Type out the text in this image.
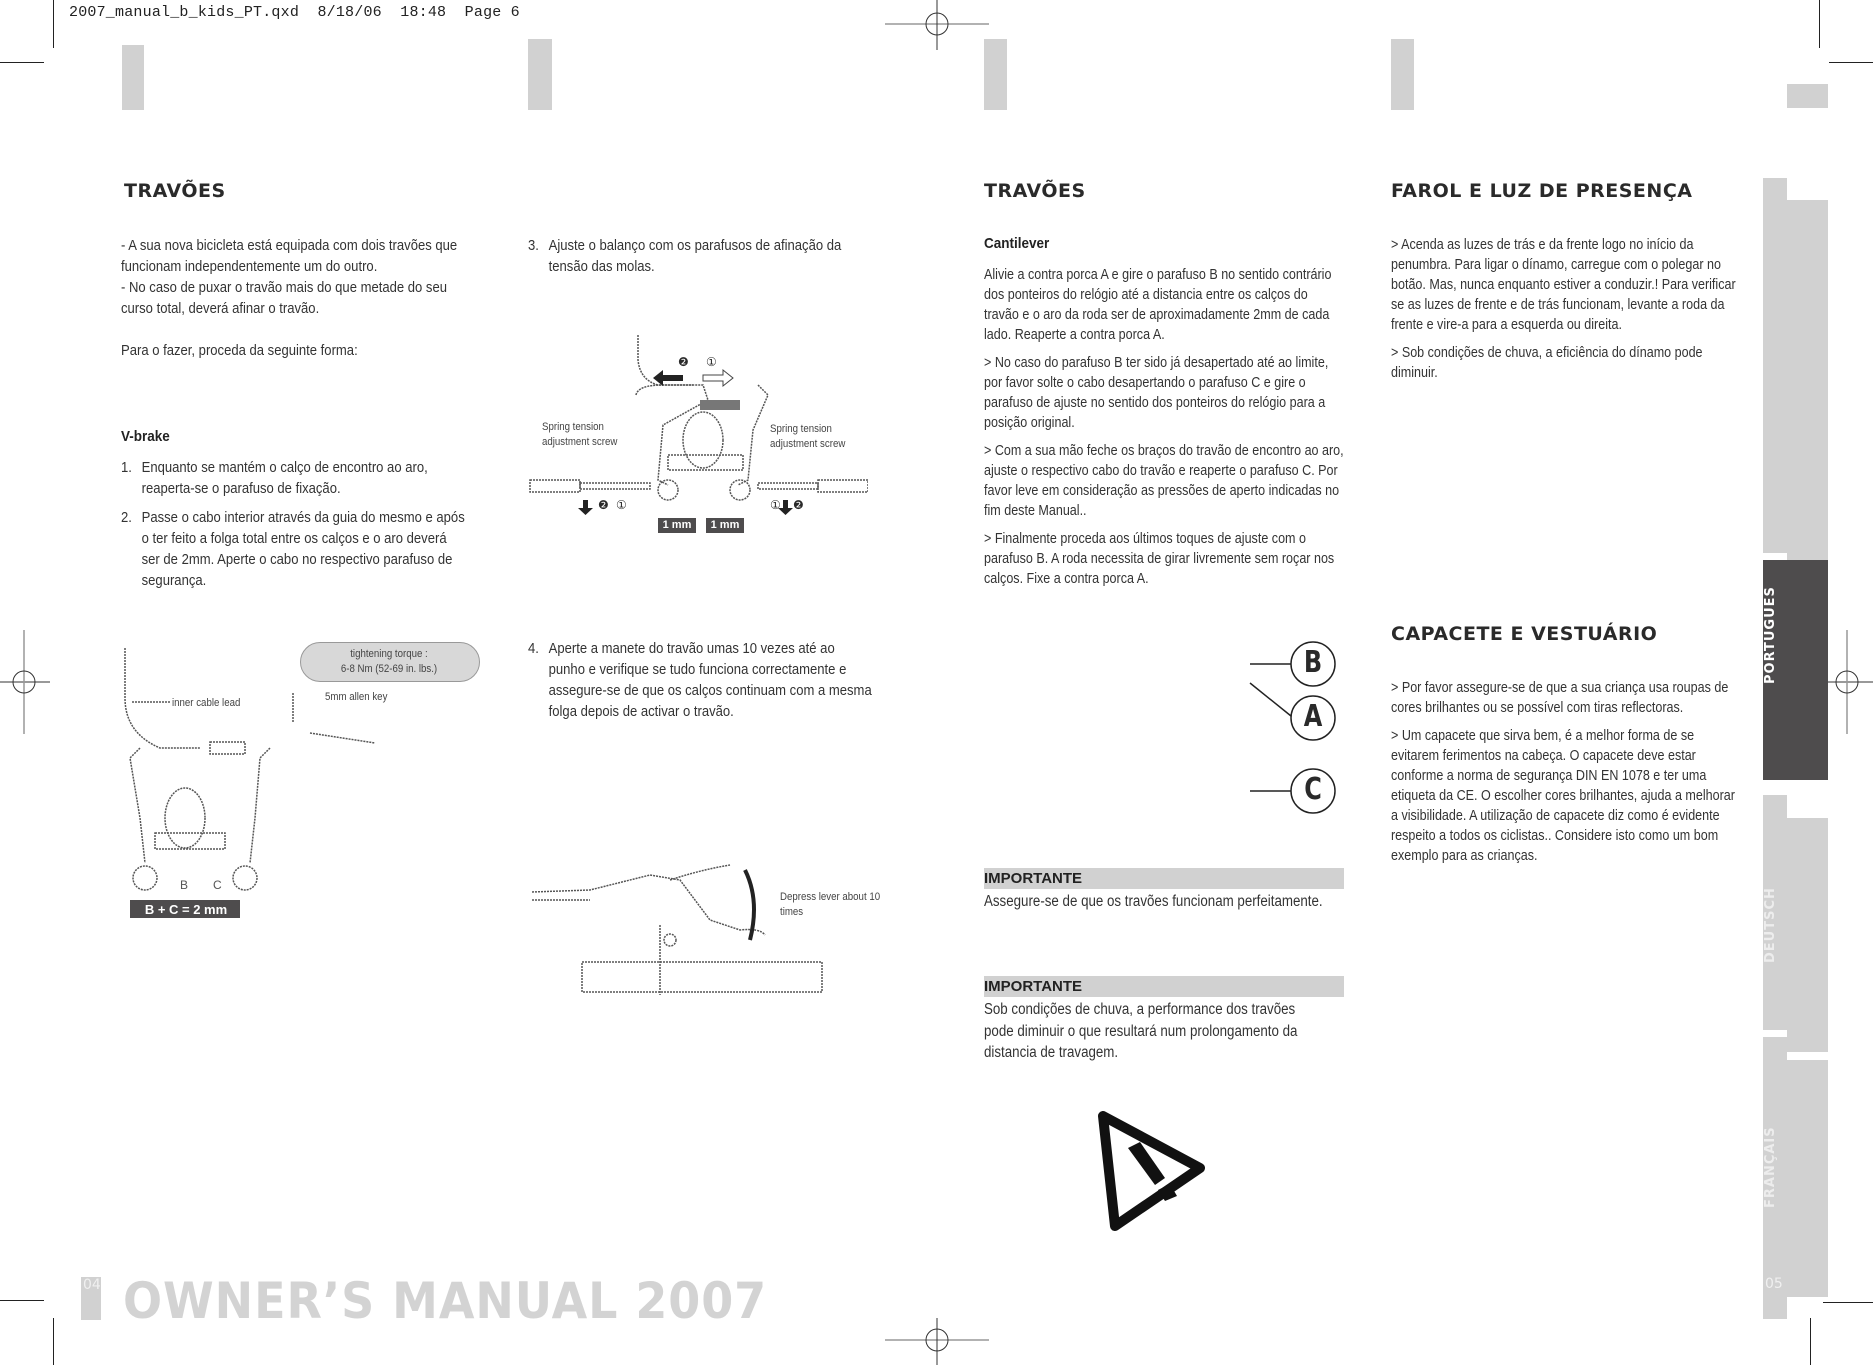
2007_manual_b_kids_PT.qxd  8/18/06  18:48  Page 6
TRAVÕES

- A sua nova bicicleta está equipada com dois travões que funcionam independentemente um do outro.

- No caso de puxar o travão mais do que metade do seu curso total, deverá afinar o travão.

Para o fazer, proceda da seguinte forma:

V-brake
1. Enquanto se mantém o calço de encontro ao aro, reaperta-se o parafuso de fixação.
2. Passe o cabo interior através da guia do mesmo e após o ter feito a folga total entre os calços e o aro deverá ser de 2mm. Aperte o cabo no respectivo parafuso de segurança.
3. Ajuste o balanço com os parafusos de afinação da tensão das molas.
4. Aperte a manete do travão umas 10 vezes até ao punho e verifique se tudo funciona correctamente e assegure-se de que os calços continuam com a mesma folga depois de activar o travão.
Spring tension adjustment screw
Spring tension adjustment screw
1 mm	1 mm
❷ ①
❷ ①	① ❷
tightening torque :
6-8 Nm (52-69 in. lbs.)
5mm allen key
inner cable lead
B + C = 2 mm
B C
Depress lever about 10 times
04 OWNER’S MANUAL 2007
TRAVÕES
Cantilever

Alivie a contra porca A e gire o parafuso B no sentido contrário dos ponteiros do relógio até a distancia entre os calços do travão e o aro da roda ser de aproximadamente 2mm de cada lado. Reaperte a contra porca A.

> No caso do parafuso B ter sido já desapertado até ao limite, por favor solte o cabo desapertando o parafuso C e gire o parafuso de ajuste no sentido dos ponteiros do relógio para a posição original.

> Com a sua mão feche os braços do travão de encontro ao aro, ajuste o respectivo cabo do travão e reaperte o parafuso C. Por favor leve em consideração as pressões de aperto indicadas no fim deste Manual..

> Finalmente proceda aos últimos toques de ajuste com o parafuso B. A roda necessita de girar livremente sem roçar nos calços. Fixe a contra porca A.

B
A
C
IMPORTANTE
Assegure-se de que os travões funcionam perfeitamente.
IMPORTANTE
Sob condições de chuva, a performance dos travões pode diminuir o que resultará num prolongamento da distancia de travagem.
FAROL E LUZ DE PRESENÇA

> Acenda as luzes de trás e da frente logo no início da penumbra. Para ligar o dínamo, carregue com o polegar no botão. Mas, nunca enquanto estiver a conduzir.! Para verificar se as luzes de frente e de trás funcionam, levante a roda da frente e vire-a para a esquerda ou direita.

> Sob condições de chuva, a eficiência do dínamo pode diminuir.

CAPACETE E VESTUÁRIO

> Por favor assegure-se de que a sua criança usa roupas de cores brilhantes ou se possível com tiras reflectoras.

> Um capacete que sirva bem, é a melhor forma de se evitarem ferimentos na cabeça. O capacete deve estar conforme a norma de segurança DIN EN 1078 e ter uma etiqueta da CE. O escolher cores brilhantes, ajuda a melhorar a visibilidade. A utilização de capacete diz como é evidente respeito a todos os ciclistas.. Considere isto como um bom exemplo para as crianças.

PORTUGUES
DEUTSCH
FRANÇAIS
05
